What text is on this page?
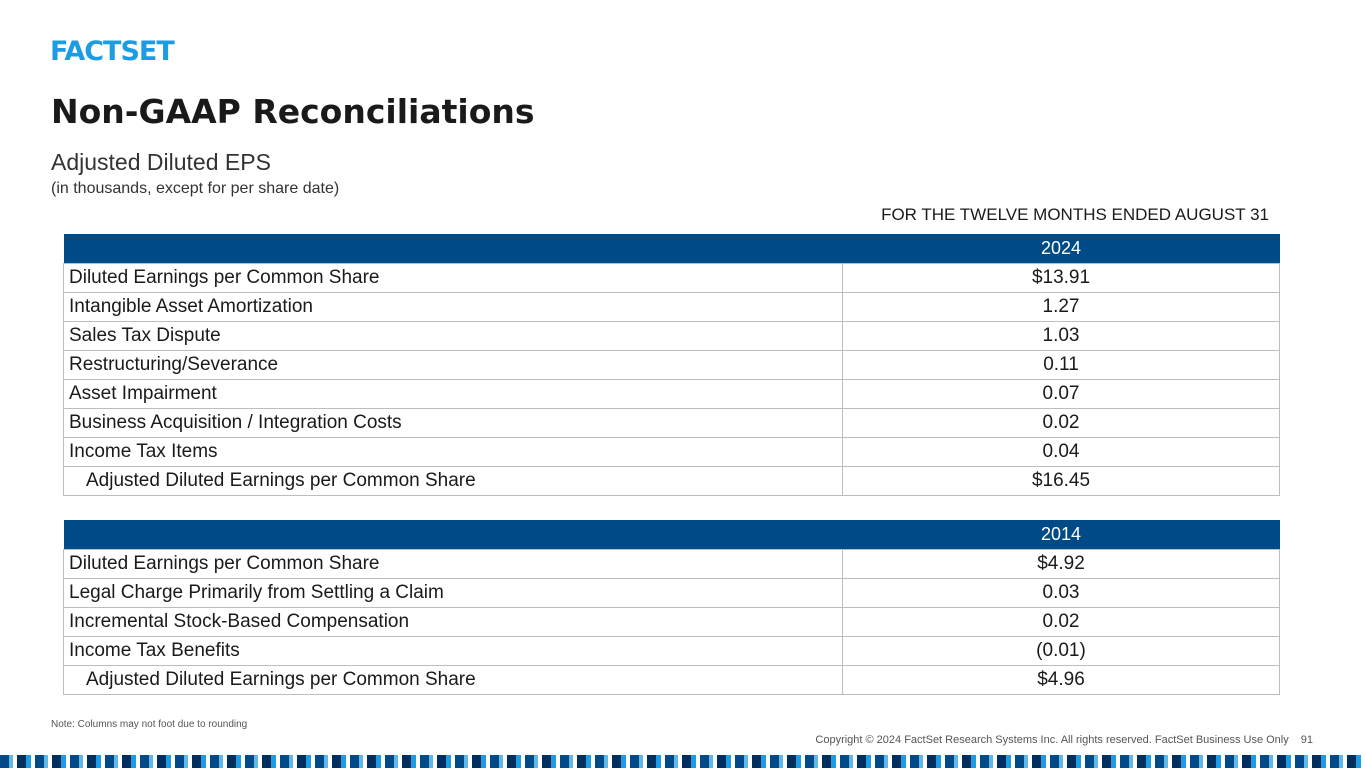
FACTSET
Non-GAAP Reconciliations
Adjusted Diluted EPS
(in thousands, except for per share date)
FOR THE TWELVE MONTHS ENDED AUGUST 31
	2024
Diluted Earnings per Common Share	$13.91
Intangible Asset Amortization	1.27
Sales Tax Dispute	1.03
Restructuring/Severance	0.11
Asset Impairment	0.07
Business Acquisition / Integration Costs	0.02
Income Tax Items	0.04
Adjusted Diluted Earnings per Common Share	$16.45
	2014
Diluted Earnings per Common Share	$4.92
Legal Charge Primarily from Settling a Claim	0.03
Incremental Stock-Based Compensation	0.02
Income Tax Benefits	(0.01)
Adjusted Diluted Earnings per Common Share	$4.96
Note: Columns may not foot due to rounding
Copyright © 2024 FactSet Research Systems Inc. All rights reserved. FactSet Business Use Only 91
